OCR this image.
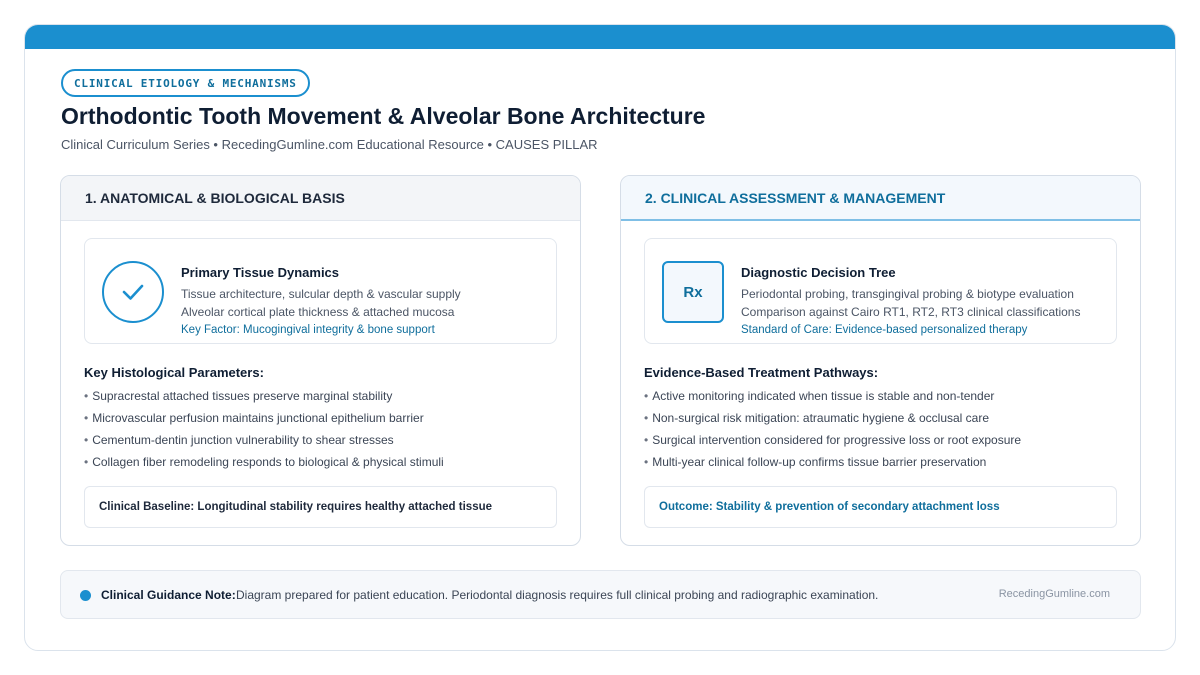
CLINICAL ETIOLOGY & MECHANISMS
Orthodontic Tooth Movement & Alveolar Bone Architecture
Clinical Curriculum Series • RecedingGumline.com Educational Resource • CAUSES PILLAR
1. ANATOMICAL & BIOLOGICAL BASIS
Primary Tissue Dynamics
Tissue architecture, sulcular depth & vascular supply
Alveolar cortical plate thickness & attached mucosa
Key Factor: Mucogingival integrity & bone support
Key Histological Parameters:
• Supracrestal attached tissues preserve marginal stability
• Microvascular perfusion maintains junctional epithelium barrier
• Cementum-dentin junction vulnerability to shear stresses
• Collagen fiber remodeling responds to biological & physical stimuli
Clinical Baseline: Longitudinal stability requires healthy attached tissue
2. CLINICAL ASSESSMENT & MANAGEMENT
Rx
Diagnostic Decision Tree
Periodontal probing, transgingival probing & biotype evaluation
Comparison against Cairo RT1, RT2, RT3 clinical classifications
Standard of Care: Evidence-based personalized therapy
Evidence-Based Treatment Pathways:
• Active monitoring indicated when tissue is stable and non-tender
• Non-surgical risk mitigation: atraumatic hygiene & occlusal care
• Surgical intervention considered for progressive loss or root exposure
• Multi-year clinical follow-up confirms tissue barrier preservation
Outcome: Stability & prevention of secondary attachment loss
Clinical Guidance Note: Diagram prepared for patient education. Periodontal diagnosis requires full clinical probing and radiographic examination.	RecedingGumline.com
